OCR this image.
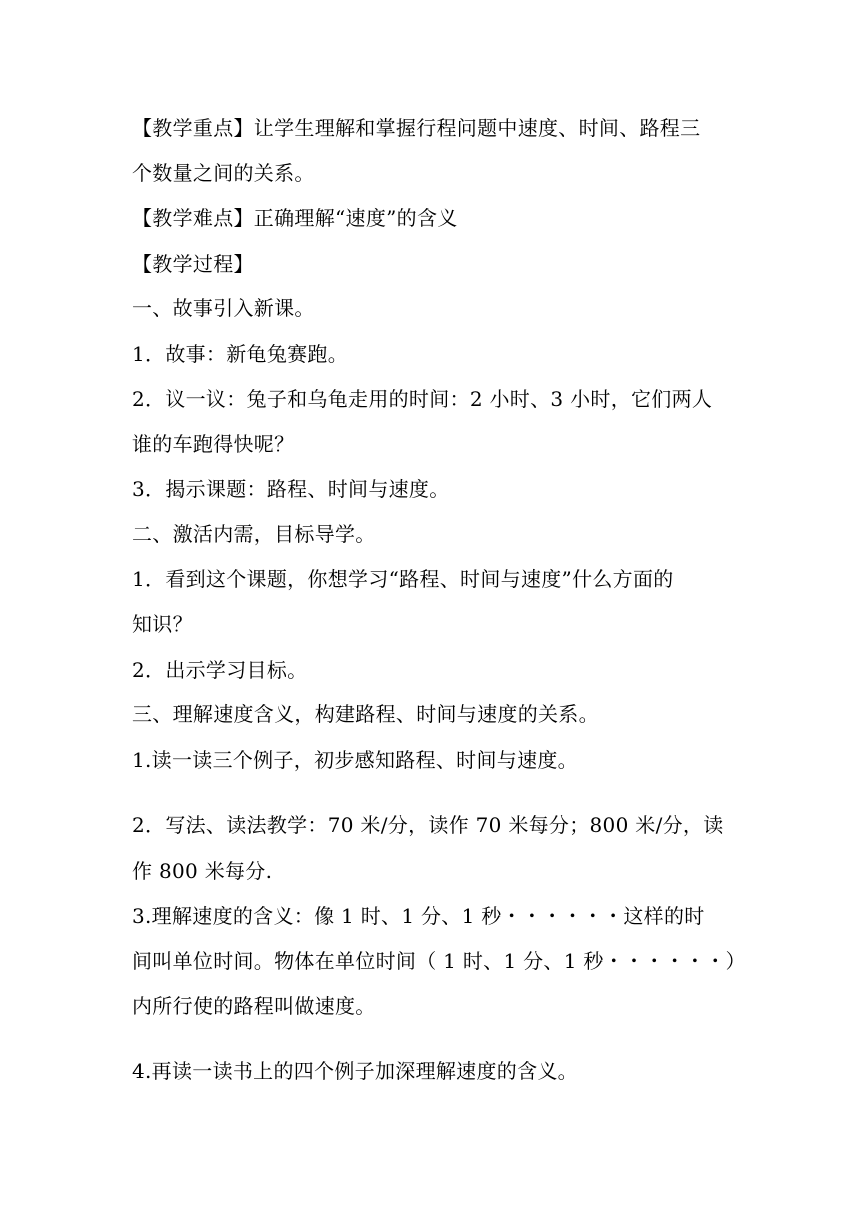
【教学重点】让学生理解和掌握行程问题中速度、时间、路程三

个数量之间的关系。

【教学难点】正确理解“速度”的含义

【教学过程】

一、故事引入新课。

1．故事：新龟兔赛跑。

2．议一议：兔子和乌龟走用的时间：2 小时、3 小时，它们两人

谁的车跑得快呢？

3．揭示课题：路程、时间与速度。

二、激活内需，目标导学。

1．看到这个课题，你想学习“路程、时间与速度”什么方面的

知识？

2．出示学习目标。

三、理解速度含义，构建路程、时间与速度的关系。

1.读一读三个例子，初步感知路程、时间与速度。

2．写法、读法教学：70 米/分，读作 70 米每分；800 米/分，读

作 800 米每分.

3.理解速度的含义：像 1 时、1 分、1 秒・・・・・・这样的时

间叫单位时间。物体在单位时间（ 1 时、1 分、1 秒・・・・・・）

内所行使的路程叫做速度。

4.再读一读书上的四个例子加深理解速度的含义。
